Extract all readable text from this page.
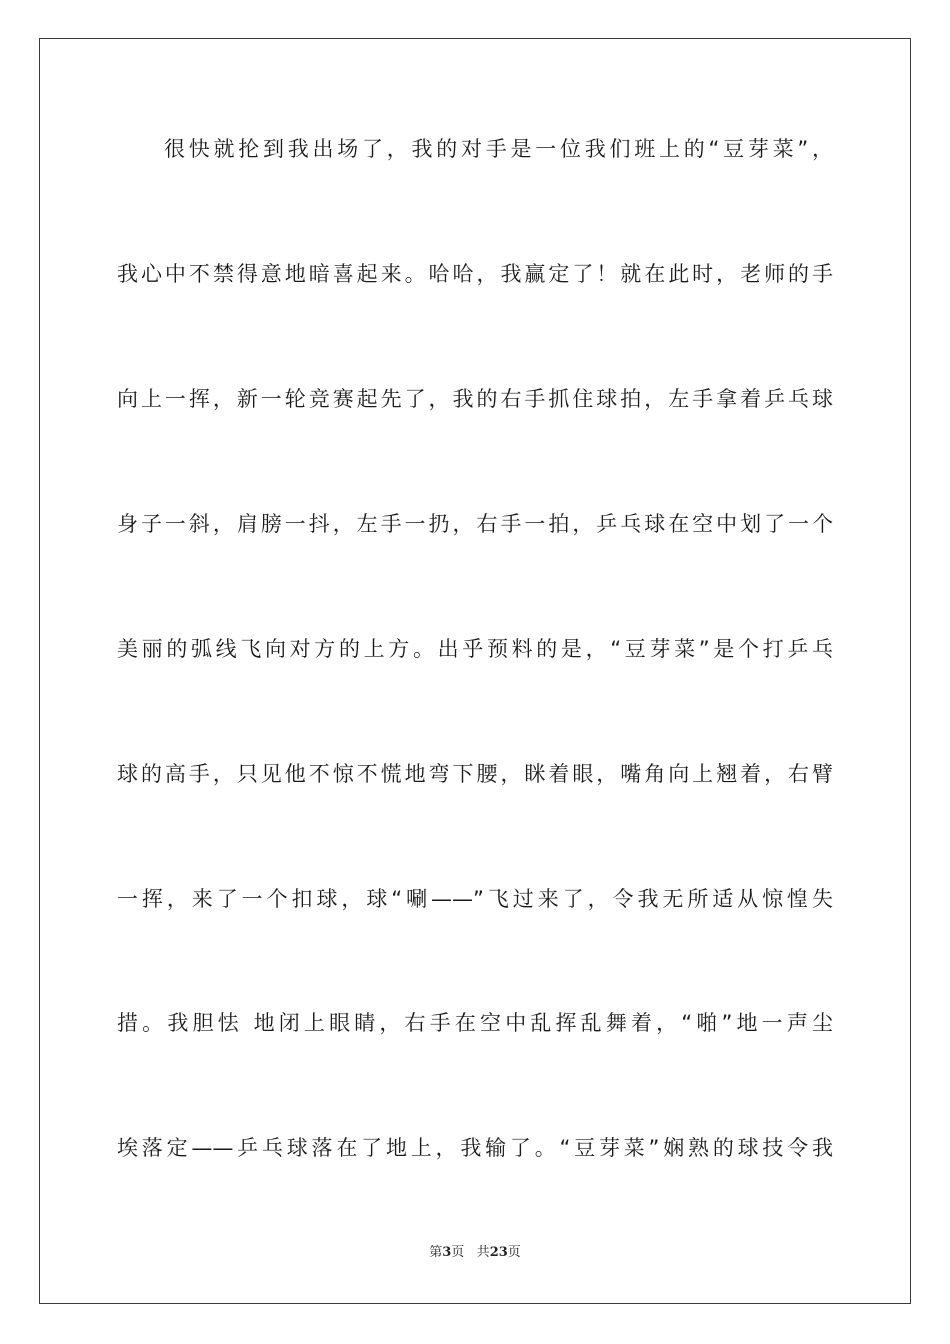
很快就抡到我出场了，我的对手是一位我们班上的“豆芽菜”，
我心中不禁得意地暗喜起来。哈哈，我赢定了！就在此时，老师的手
向上一挥，新一轮竞赛起先了，我的右手抓住球拍，左手拿着乒乓球
身子一斜，肩膀一抖，左手一扔，右手一拍，乒乓球在空中划了一个
美丽的弧线飞向对方的上方。出乎预料的是，“豆芽菜”是个打乒乓
球的高手，只见他不惊不慌地弯下腰，眯着眼，嘴角向上翘着，右臂
一挥，来了一个扣球，球“唰——”飞过来了，令我无所适从惊惶失
措。我胆怯 地闭上眼睛，右手在空中乱挥乱舞着，“啪”地一声尘
埃落定——乒乓球落在了地上，我输了。“豆芽菜”娴熟的球技令我
第3页 共23页
